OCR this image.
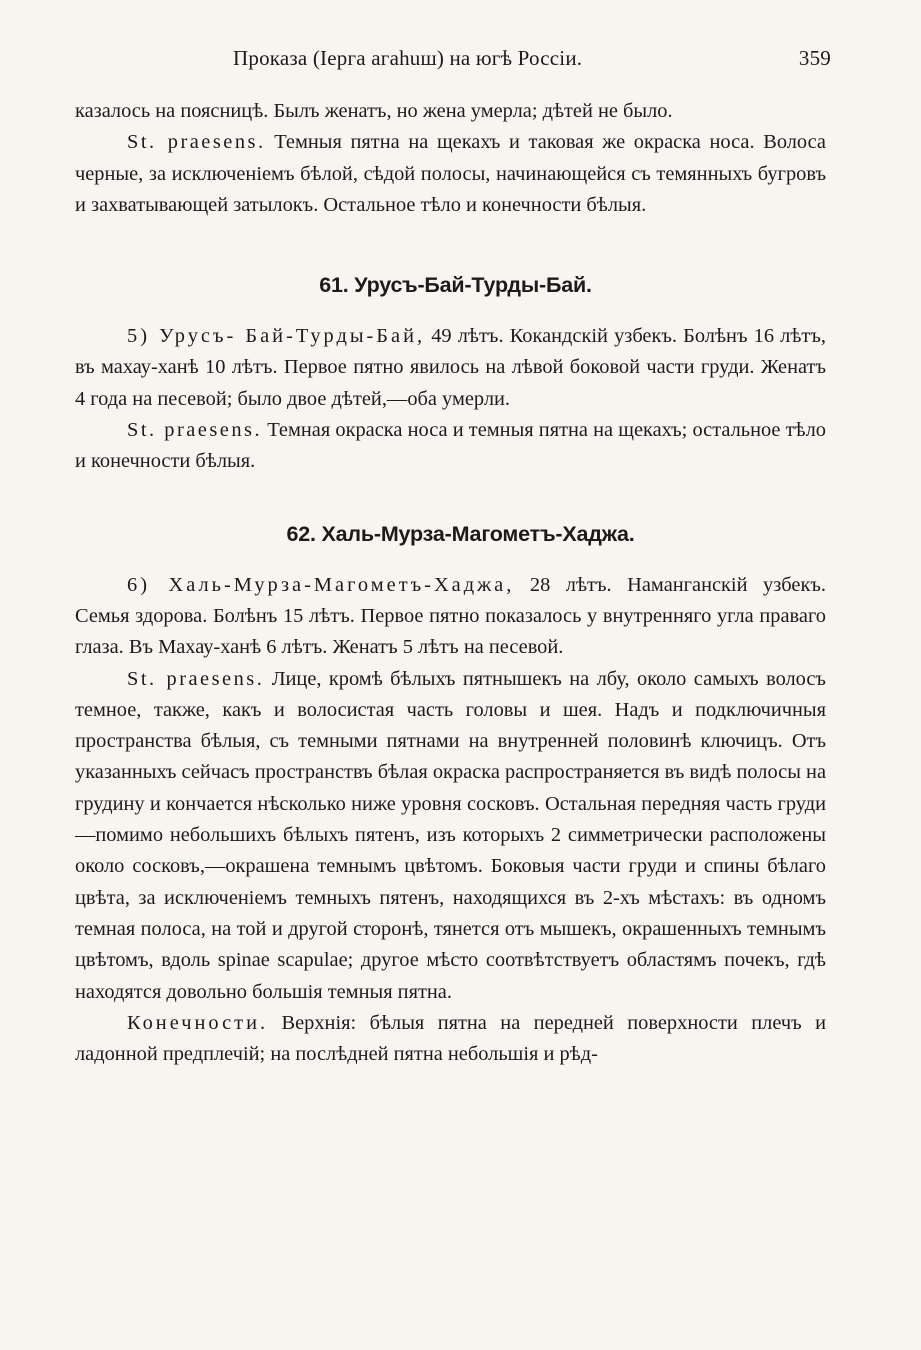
Проказа (Iерга агаһuш) на югѣ Россiи.	359

казалось на поясницѣ. Былъ женатъ, но жена умерла; дѣтей не было.

St. praesens. Темныя пятна на щекахъ и таковая же окраска носа. Волоса черные, за исключенiемъ бѣлой, сѣдой полосы, начинающейся съ темянныхъ бугровъ и захватывающей затылокъ. Остальное тѣло и конечности бѣлыя.

61. Урусъ-Бай-Турды-Бай.

5) Урусъ- Бай-Турды-Бай, 49 лѣтъ. Кокандскiй узбекъ. Болѣнъ 16 лѣтъ, въ махау-ханѣ 10 лѣтъ. Первое пятно явилось на лѣвой боковой части груди. Женатъ 4 года на песевой; было двое дѣтей,—оба умерли.

St. praesens. Темная окраска носа и темныя пятна на щекахъ; остальное тѣло и конечности бѣлыя.

62. Халь-Мурза-Магометъ-Хаджа.

6) Халь-Мурза-Магометъ-Хаджа, 28 лѣтъ. Наманганскiй узбекъ. Семья здорова. Болѣнъ 15 лѣтъ. Первое пятно показалось у внутренняго угла праваго глаза. Въ Махау-ханѣ 6 лѣтъ. Женатъ 5 лѣтъ на песевой.

St. praesens. Лице, кромѣ бѣлыхъ пятнышекъ на лбу, около самыхъ волосъ темное, также, какъ и волосистая часть головы и шея. Надъ и подключичныя пространства бѣлыя, съ темными пятнами на внутренней половинѣ ключицъ. Отъ указанныхъ сейчасъ пространствъ бѣлая окраска распространяется въ видѣ полосы на грудину и кончается нѣсколько ниже уровня сосковъ. Остальная передняя часть груди—помимо небольшихъ бѣлыхъ пятенъ, изъ которыхъ 2 симметрически расположены около сосковъ,—окрашена темнымъ цвѣтомъ. Боковыя части груди и спины бѣлаго цвѣта, за исключенiемъ темныхъ пятенъ, находящихся въ 2-хъ мѣстахъ: въ одномъ темная полоса, на той и другой сторонѣ, тянется отъ мышекъ, окрашенныхъ темнымъ цвѣтомъ, вдоль spinae scapulae; другое мѣсто соотвѣтствуетъ областямъ почекъ, гдѣ находятся довольно большiя темныя пятна.

Конечности. Верхнiя: бѣлыя пятна на передней поверхности плечъ и ладонной предплечiй; на послѣдней пятна небольшiя и рѣд-
